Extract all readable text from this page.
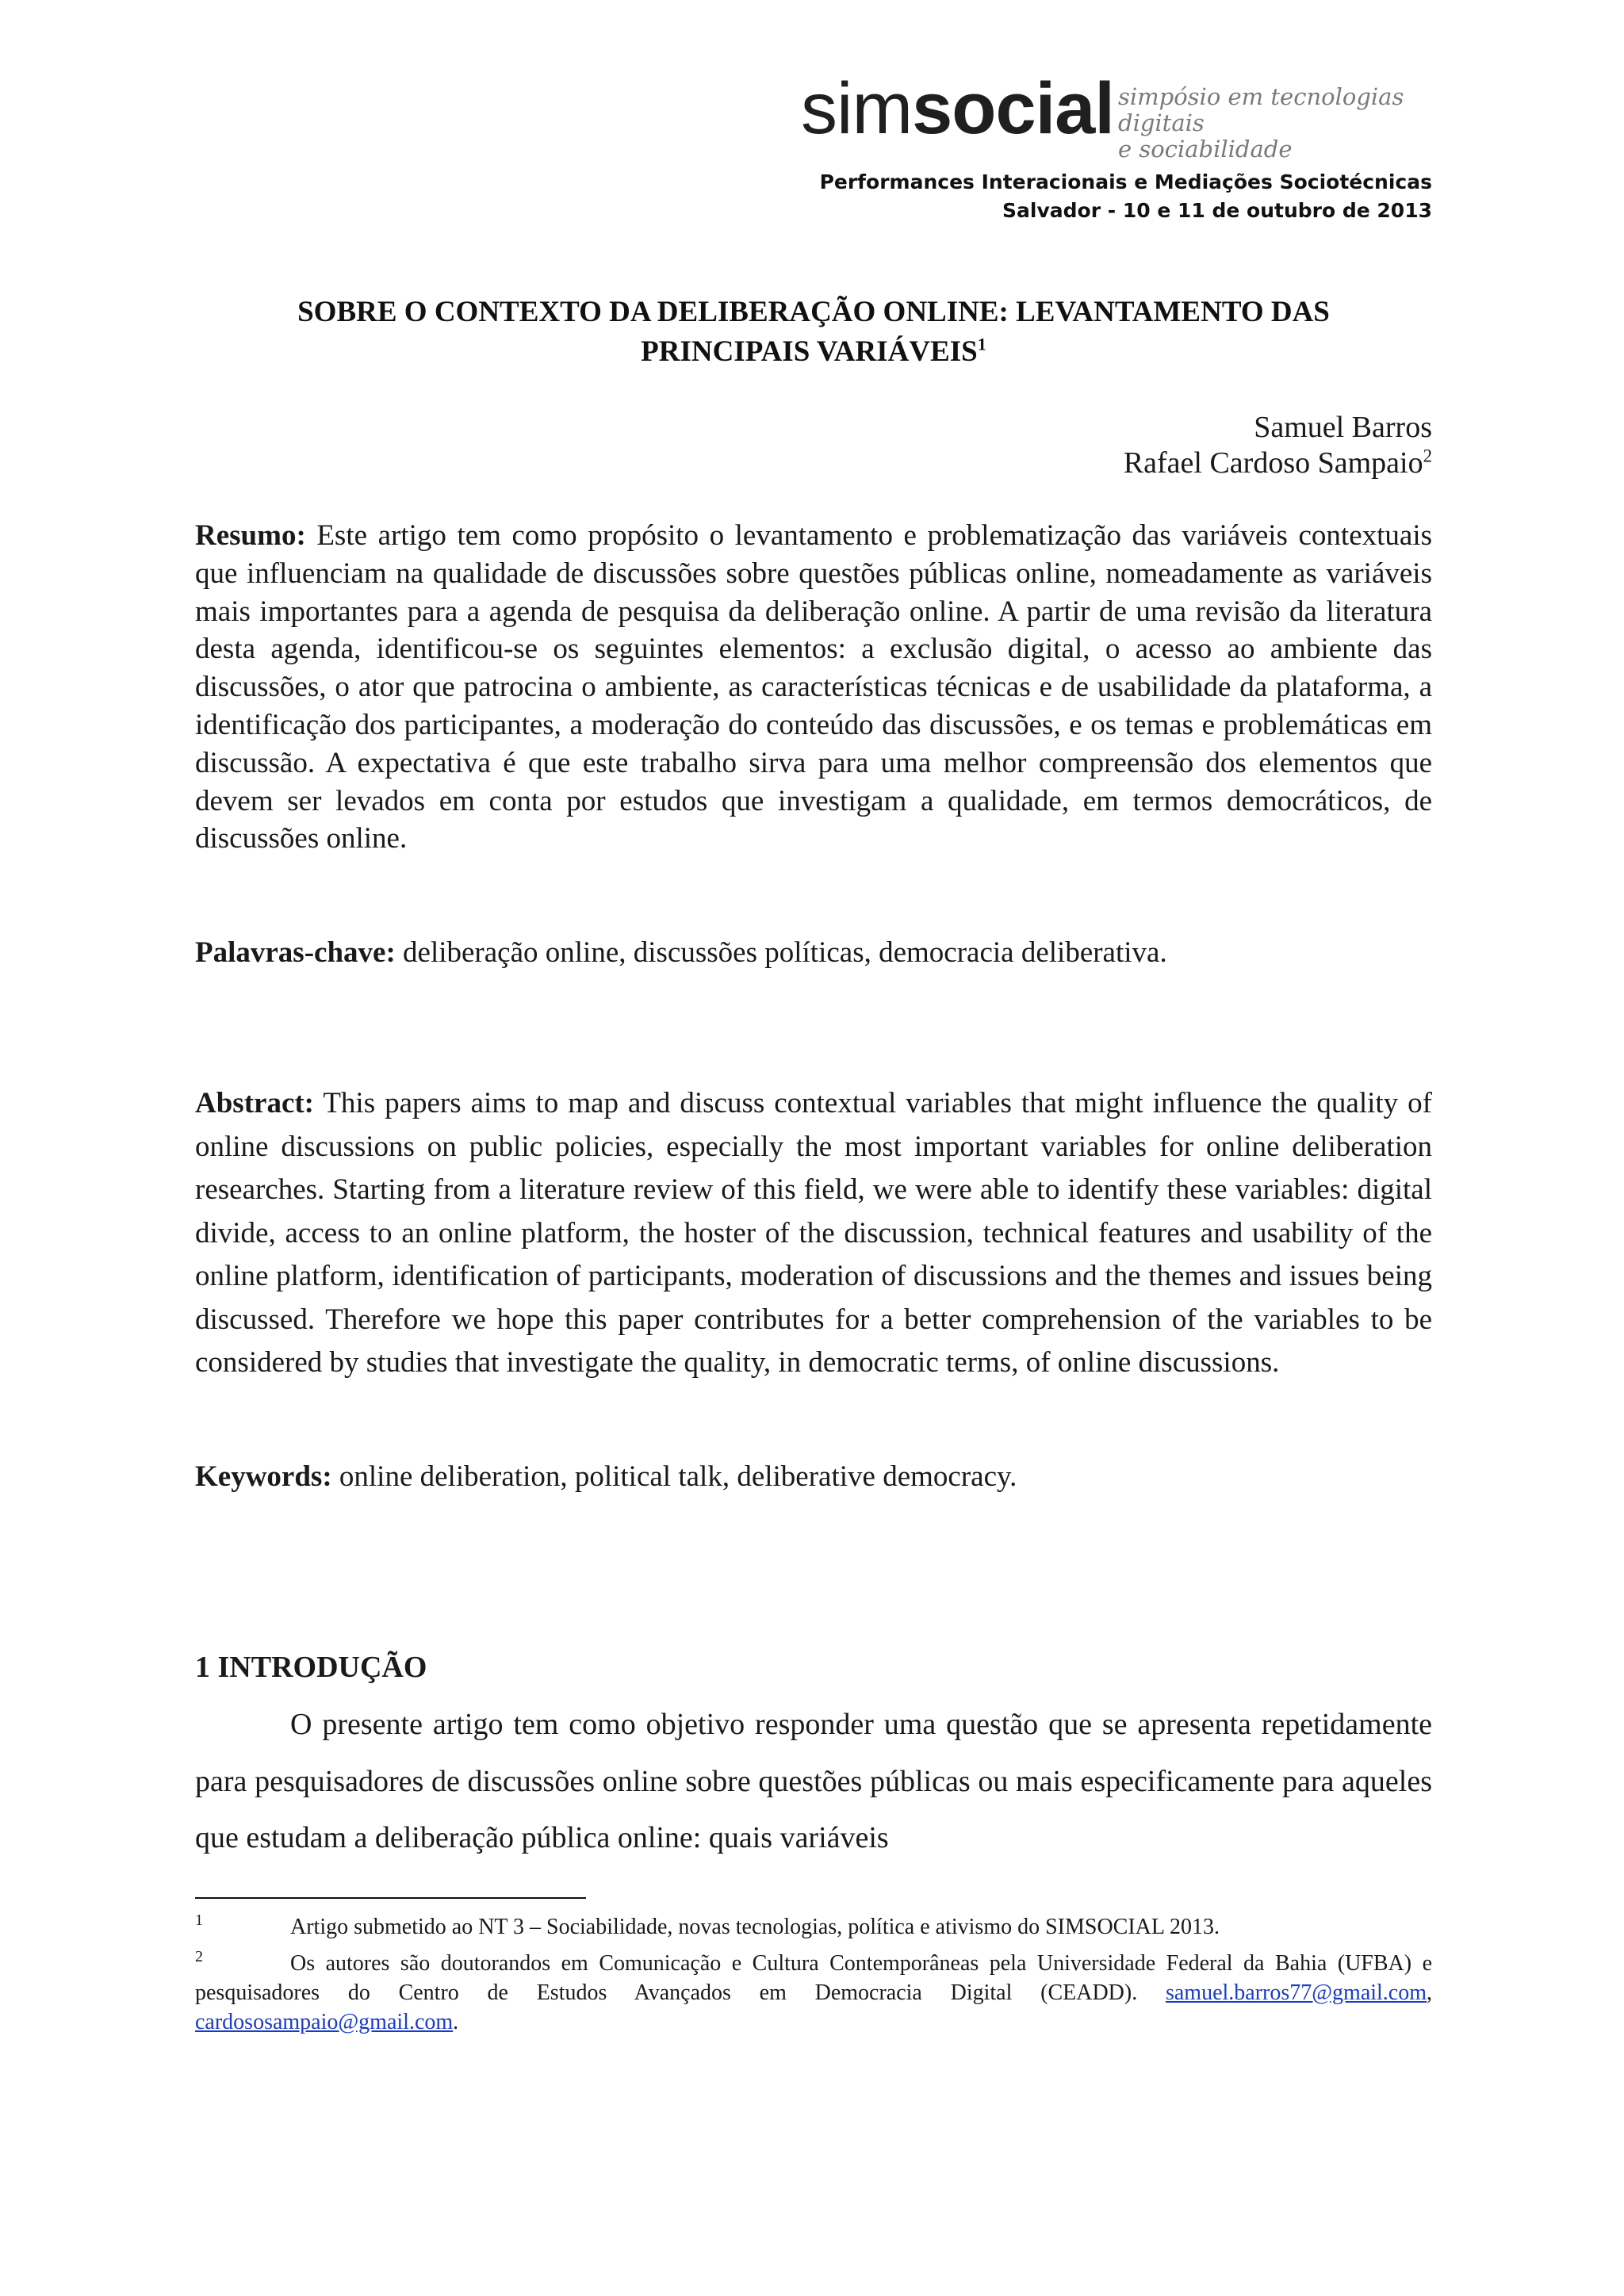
simsocial simpósio em tecnologias digitais
e sociabilidade
Performances Interacionais e Mediações Sociotécnicas
Salvador - 10 e 11 de outubro de 2013
SOBRE O CONTEXTO DA DELIBERAÇÃO ONLINE: LEVANTAMENTO DAS
PRINCIPAIS VARIÁVEIS$^1$
Samuel Barros
Rafael Cardoso Sampaio$^2$
Resumo: Este artigo tem como propósito o levantamento e problematização das variáveis contextuais que influenciam na qualidade de discussões sobre questões públicas online, nomeadamente as variáveis mais importantes para a agenda de pesquisa da deliberação online. A partir de uma revisão da literatura desta agenda, identificou-se os seguintes elementos: a exclusão digital, o acesso ao ambiente das discussões, o ator que patrocina o ambiente, as características técnicas e de usabilidade da plataforma, a identificação dos participantes, a moderação do conteúdo das discussões, e os temas e problemáticas em discussão. A expectativa é que este trabalho sirva para uma melhor compreensão dos elementos que devem ser levados em conta por estudos que investigam a qualidade, em termos democráticos, de discussões online.
Palavras-chave: deliberação online, discussões políticas, democracia deliberativa.
Abstract: This papers aims to map and discuss contextual variables that might influence the quality of online discussions on public policies, especially the most important variables for online deliberation researches. Starting from a literature review of this field, we were able to identify these variables: digital divide, access to an online platform, the hoster of the discussion, technical features and usability of the online platform, identification of participants, moderation of discussions and the themes and issues being discussed. Therefore we hope this paper contributes for a better comprehension of the variables to be considered by studies that investigate the quality, in democratic terms, of online discussions.
Keywords: online deliberation, political talk, deliberative democracy.
1 INTRODUÇÃO
O presente artigo tem como objetivo responder uma questão que se apresenta repetidamente para pesquisadores de discussões online sobre questões públicas ou mais especificamente para aqueles que estudam a deliberação pública online: quais variáveis
1	Artigo submetido ao NT 3 – Sociabilidade, novas tecnologias, política e ativismo do SIMSOCIAL 2013.
2	Os autores são doutorandos em Comunicação e Cultura Contemporâneas pela Universidade Federal da Bahia (UFBA) e pesquisadores do Centro de Estudos Avançados em Democracia Digital (CEADD). samuel.barros77@gmail.com, cardososampaio@gmail.com.
